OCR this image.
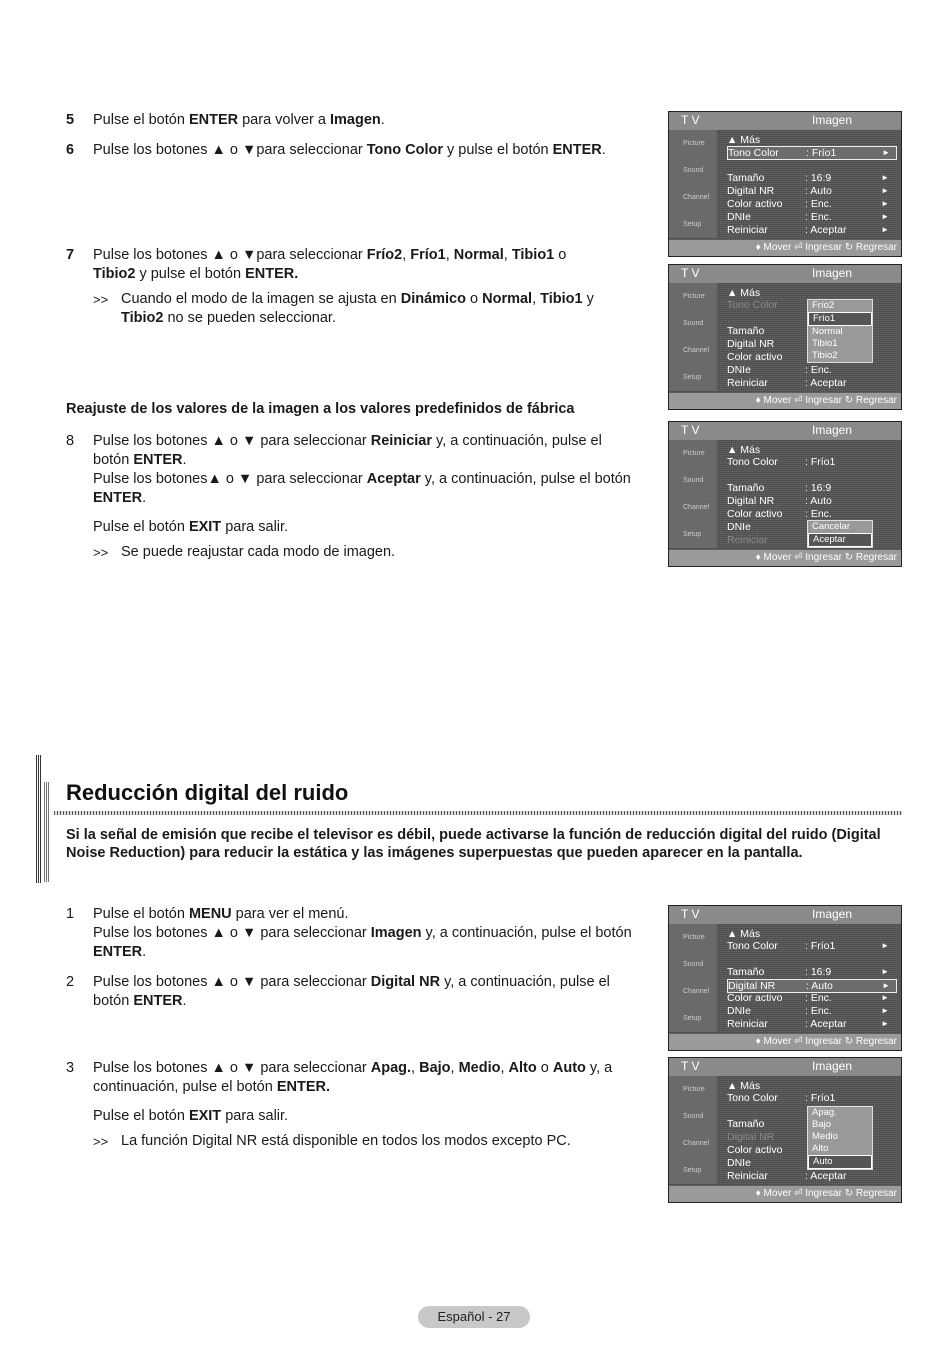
5 Pulse el botón ENTER para volver a Imagen.
6 Pulse los botones ▲ o ▼para seleccionar Tono Color y pulse el botón ENTER.
7 Pulse los botones ▲ o ▼para seleccionar Frío2, Frío1, Normal, Tibio1 o
Tibio2 y pulse el botón ENTER.
>> Cuando el modo de la imagen se ajusta en Dinámico o Normal, Tibio1 y
Tibio2 no se pueden seleccionar.
Reajuste de los valores de la imagen a los valores predefinidos de fábrica
8 Pulse los botones ▲ o ▼ para seleccionar Reiniciar y, a continuación, pulse el botón ENTER.
Pulse los botones▲ o ▼ para seleccionar Aceptar y, a continuación, pulse el botón ENTER.
Pulse el botón EXIT para salir.
>> Se puede reajustar cada modo de imagen.
Reducción digital del ruido
Si la señal de emisión que recibe el televisor es débil, puede activarse la función de reducción digital del ruido (Digital Noise Reduction) para reducir la estática y las imágenes superpuestas que pueden aparecer en la pantalla.
1 Pulse el botón MENU para ver el menú.
Pulse los botones ▲ o ▼ para seleccionar Imagen y, a continuación, pulse el botón ENTER.
2 Pulse los botones ▲ o ▼ para seleccionar Digital NR y, a continuación, pulse el botón ENTER.
3 Pulse los botones ▲ o ▼ para seleccionar Apag., Bajo, Medio, Alto o Auto y, a continuación, pulse el botón ENTER.
Pulse el botón EXIT para salir.
>> La función Digital NR está disponible en todos los modos excepto PC.
T V	Imagen
Picture
Sound
Channel
Setup
▲ Más
Tono Color	: Frío1	►
Tamaño	: 16:9	►
Digital NR	: Auto	►
Color activo : Enc.	►
DNIe	: Enc.	►
Reiniciar	: Aceptar	►
♦ Mover ⏎ Ingresar ↻ Regresar
T V	Imagen
Picture
Sound
Channel
Setup
▲ Más
Tono Color
Tamaño
Digital NR
Color activo
DNIe	: Enc.
Reiniciar	: Aceptar
Frío2
Frío1
Normal
Tibio1
Tibio2
♦ Mover ⏎ Ingresar ↻ Regresar
T V	Imagen
Picture
Sound
Channel
Setup
▲ Más
Tono Color	: Frío1
Tamaño	: 16:9
Digital NR	: Auto
Color activo : Enc.
DNIe
Reiniciar
Cancelar
Aceptar
♦ Mover ⏎ Ingresar ↻ Regresar
T V	Imagen
Picture
Sound
Channel
Setup
▲ Más
Tono Color	: Frío1	►
Tamaño	: 16:9	►
Digital NR	: Auto	►
Color activo : Enc.	►
DNIe	: Enc.	►
Reiniciar	: Aceptar	►
♦ Mover ⏎ Ingresar ↻ Regresar
T V	Imagen
Picture
Sound
Channel
Setup
▲ Más
Tono Color	: Frío1
Tamaño
Digital NR
Color activo
DNIe
Reiniciar	: Aceptar
Apag.
Bajo
Medio
Alto
Auto
♦ Mover ⏎ Ingresar ↻ Regresar
Español - 27
